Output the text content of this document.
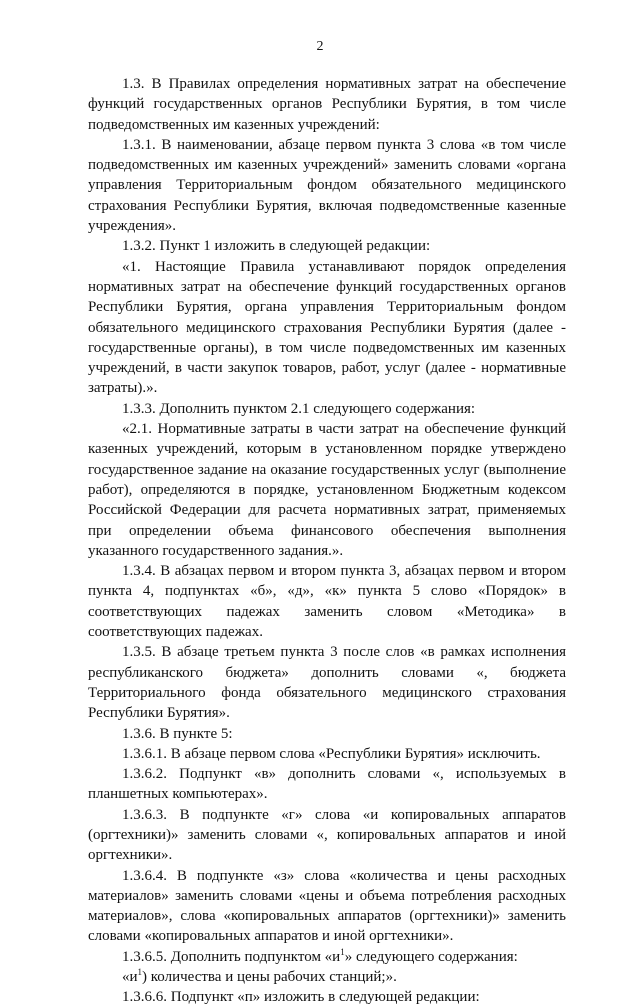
2

1.3. В Правилах определения нормативных затрат на обеспечение функций государственных органов Республики Бурятия, в том числе подведомственных им казенных учреждений:

1.3.1. В наименовании, абзаце первом пункта 3 слова «в том числе подведомственных им казенных учреждений» заменить словами «органа управления Территориальным фондом обязательного медицинского страхования Республики Бурятия, включая подведомственные казенные учреждения».

1.3.2. Пункт 1 изложить в следующей редакции:

«1. Настоящие Правила устанавливают порядок определения нормативных затрат на обеспечение функций государственных органов Республики Бурятия, органа управления Территориальным фондом обязательного медицинского страхования Республики Бурятия (далее - государственные органы), в том числе подведомственных им казенных учреждений, в части закупок товаров, работ, услуг (далее - нормативные затраты).».

1.3.3. Дополнить пунктом 2.1 следующего содержания:

«2.1. Нормативные затраты в части затрат на обеспечение функций казенных учреждений, которым в установленном порядке утверждено государственное задание на оказание государственных услуг (выполнение работ), определяются в порядке, установленном Бюджетным кодексом Российской Федерации для расчета нормативных затрат, применяемых при определении объема финансового обеспечения выполнения указанного государственного задания.».

1.3.4. В абзацах первом и втором пункта 3, абзацах первом и втором пункта 4, подпунктах «б», «д», «к» пункта 5 слово «Порядок» в соответствующих падежах заменить словом «Методика» в соответствующих падежах.

1.3.5. В абзаце третьем пункта 3 после слов «в рамках исполнения республиканского бюджета» дополнить словами «, бюджета Территориального фонда обязательного медицинского страхования Республики Бурятия».

1.3.6. В пункте 5:

1.3.6.1. В абзаце первом слова «Республики Бурятия» исключить.

1.3.6.2. Подпункт «в» дополнить словами «, используемых в планшетных компьютерах».

1.3.6.3. В подпункте «г» слова «и копировальных аппаратов (оргтехники)» заменить словами «, копировальных аппаратов и иной оргтехники».

1.3.6.4. В подпункте «з» слова «количества и цены расходных материалов» заменить словами «цены и объема потребления расходных материалов», слова «копировальных аппаратов (оргтехники)» заменить словами «копировальных аппаратов и иной оргтехники».

1.3.6.5. Дополнить подпунктом «$и^1$» следующего содержания:

«$и^1$) количества и цены рабочих станций;».

1.3.6.6. Подпункт «п» изложить в следующей редакции:
